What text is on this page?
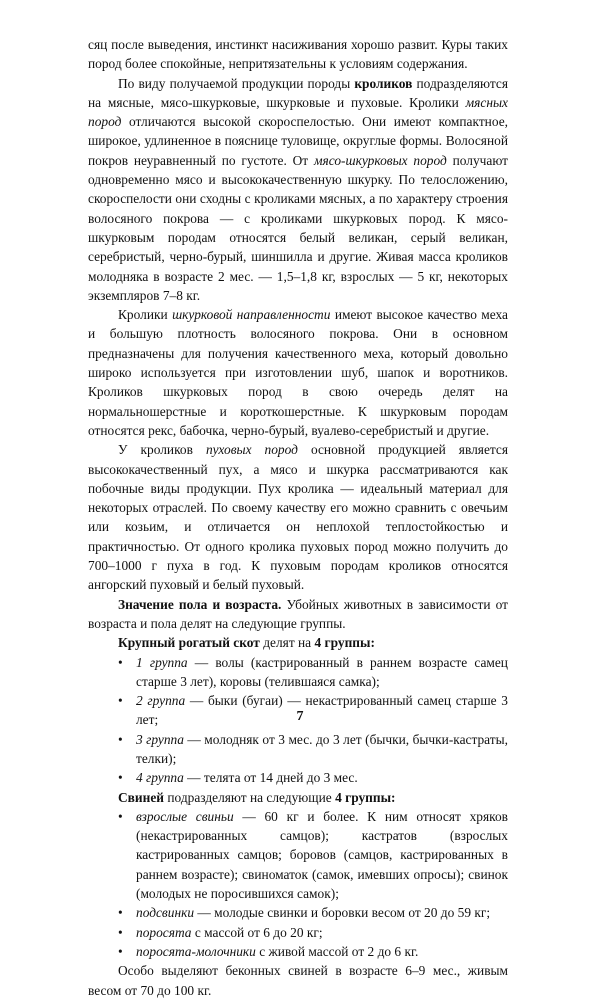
сяц после выведения, инстинкт насиживания хорошо развит. Куры таких пород более спокойные, непритязательны к условиям содержания.

По виду получаемой продукции породы кроликов подразделяются на мясные, мясо-шкурковые, шкурковые и пуховые. Кролики мясных пород отличаются высокой скороспелостью. Они имеют компактное, широкое, удлиненное в пояснице туловище, округлые формы. Волосяной покров неуравненный по густоте. От мясо-шкурковых пород получают одновременно мясо и высококачественную шкурку. По телосложению, скороспелости они сходны с кроликами мясных, а по характеру строения волосяного покрова — с кроликами шкурковых пород. К мясо-шкурковым породам относятся белый великан, серый великан, серебристый, черно-бурый, шиншилла и другие. Живая масса кроликов молодняка в возрасте 2 мес. — 1,5–1,8 кг, взрослых — 5 кг, некоторых экземпляров 7–8 кг.

Кролики шкурковой направленности имеют высокое качество меха и большую плотность волосяного покрова. Они в основном предназначены для получения качественного меха, который довольно широко используется при изготовлении шуб, шапок и воротников. Кроликов шкурковых пород в свою очередь делят на нормальношерстные и короткошерстные. К шкурковым породам относятся рекс, бабочка, черно-бурый, вуалево-серебристый и другие.

У кроликов пуховых пород основной продукцией является высококачественный пух, а мясо и шкурка рассматриваются как побочные виды продукции. Пух кролика — идеальный материал для некоторых отраслей. По своему качеству его можно сравнить с овечьим или козьим, и отличается он неплохой теплостойкостью и практичностью. От одного кролика пуховых пород можно получить до 700–1000 г пуха в год. К пуховым породам кроликов относятся ангорский пуховый и белый пуховый.

Значение пола и возраста. Убойных животных в зависимости от возраста и пола делят на следующие группы.

Крупный рогатый скот делят на 4 группы:

• 1 группа — волы (кастрированный в раннем возрасте самец старше 3 лет), коровы (телившаяся самка);
• 2 группа — быки (бугаи) — некастрированный самец старше 3 лет;
• 3 группа — молодняк от 3 мес. до 3 лет (бычки, бычки-кастраты, телки);
• 4 группа — телята от 14 дней до 3 мес.

Свиней подразделяют на следующие 4 группы:

• взрослые свиньи — 60 кг и более. К ним относят хряков (некастрированных самцов); кастратов (взрослых кастрированных самцов; боровов (самцов, кастрированных в раннем возрасте); свиноматок (самок, имевших опросы); свинок (молодых не поросившихся самок);
• подсвинки — молодые свинки и боровки весом от 20 до 59 кг;
• поросята с массой от 6 до 20 кг;
• поросята-молочники с живой массой от 2 до 6 кг.

Особо выделяют беконных свиней в возрасте 6–9 мес., живым весом от 70 до 100 кг.

7
